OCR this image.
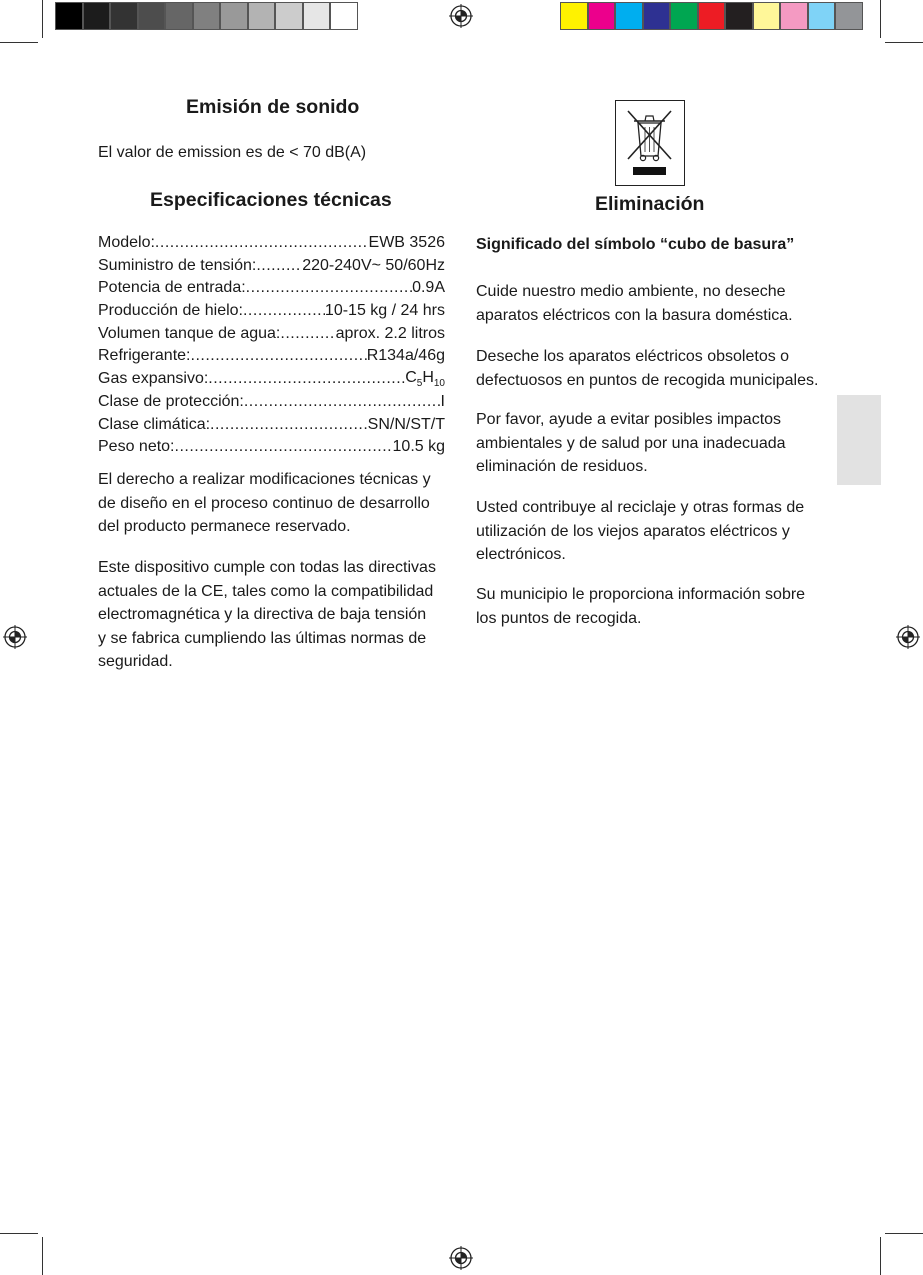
Emisión de sonido
El valor de emission es de < 70 dB(A)
Especificaciones técnicas
Modelo: .....	EWB 3526
Suministro de tensión: .....	220-240V~ 50/60Hz
Potencia de entrada: .....	0.9A
Producción de hielo: .....	10-15 kg / 24 hrs
Volumen tanque de agua: .....	aprox. 2.2 litros
Refrigerante: .....	R134a/46g
Gas expansivo: .....	$C_5H_{10}$
Clase de protección: .....	I
Clase climática: .....	SN/N/ST/T
Peso neto: .....	10.5 kg
El derecho a realizar modificaciones técnicas y
de diseño en el proceso continuo de desarrollo
del producto permanece reservado.
Este dispositivo cumple con todas las directivas
actuales de la CE, tales como la compatibilidad
electromagnética y la directiva de baja tensión
y se fabrica cumpliendo las últimas normas de
seguridad.
Eliminación
Significado del símbolo “cubo de basura”
Cuide nuestro medio ambiente, no deseche
aparatos eléctricos con la basura doméstica.
Deseche los aparatos eléctricos obsoletos o
defectuosos en puntos de recogida municipales.
Por favor, ayude a evitar posibles impactos
ambientales y de salud por una inadecuada
eliminación de residuos.
Usted contribuye al reciclaje y otras formas de
utilización de los viejos aparatos eléctricos y
electrónicos.
Su municipio le proporciona información sobre
los puntos de recogida.
